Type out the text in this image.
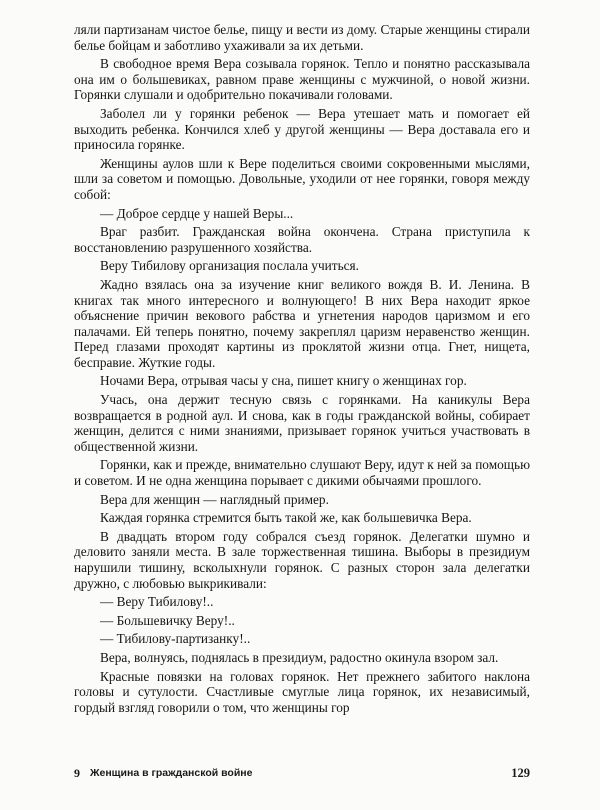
ляли партизанам чистое белье, пищу и вести из дому. Старые женщины стирали белье бойцам и заботливо ухаживали за их детьми.

В свободное время Вера созывала горянок. Тепло и понятно рассказывала она им о большевиках, равном праве женщины с мужчиной, о новой жизни. Горянки слушали и одобрительно покачивали головами.

Заболел ли у горянки ребенок — Вера утешает мать и помогает ей выходить ребенка. Кончился хлеб у другой женщины — Вера доставала его и приносила горянке.

Женщины аулов шли к Вере поделиться своими сокровенными мыслями, шли за советом и помощью. Довольные, уходили от нее горянки, говоря между собой:

— Доброе сердце у нашей Веры...

Враг разбит. Гражданская война окончена. Страна приступила к восстановлению разрушенного хозяйства.

Веру Тибилову организация послала учиться.

Жадно взялась она за изучение книг великого вождя В. И. Ленина. В книгах так много интересного и волнующего! В них Вера находит яркое объяснение причин векового рабства и угнетения народов царизмом и его палачами. Ей теперь понятно, почему закреплял царизм неравенство женщин. Перед глазами проходят картины из проклятой жизни отца. Гнет, нищета, бесправие. Жуткие годы.

Ночами Вера, отрывая часы у сна, пишет книгу о женщинах гор.

Учась, она держит тесную связь с горянками. На каникулы Вера возвращается в родной аул. И снова, как в годы гражданской войны, собирает женщин, делится с ними знаниями, призывает горянок учиться участвовать в общественной жизни.

Горянки, как и прежде, внимательно слушают Веру, идут к ней за помощью и советом. И не одна женщина порывает с дикими обычаями прошлого.

Вера для женщин — наглядный пример.

Каждая горянка стремится быть такой же, как большевичка Вера.

В двадцать втором году собрался съезд горянок. Делегатки шумно и деловито заняли места. В зале торжественная тишина. Выборы в президиум нарушили тишину, всколыхнули горянок. С разных сторон зала делегатки дружно, с любовью выкрикивали:

— Веру Тибилову!..

— Большевичку Веру!..

— Тибилову-партизанку!..

Вера, волнуясь, поднялась в президиум, радостно окинула взором зал.

Красные повязки на головах горянок. Нет прежнего забитого наклона головы и сутулости. Счастливые смуглые лица горянок, их независимый, гордый взгляд говорили о том, что женщины гор

9 Женщина в гражданской войне	129
